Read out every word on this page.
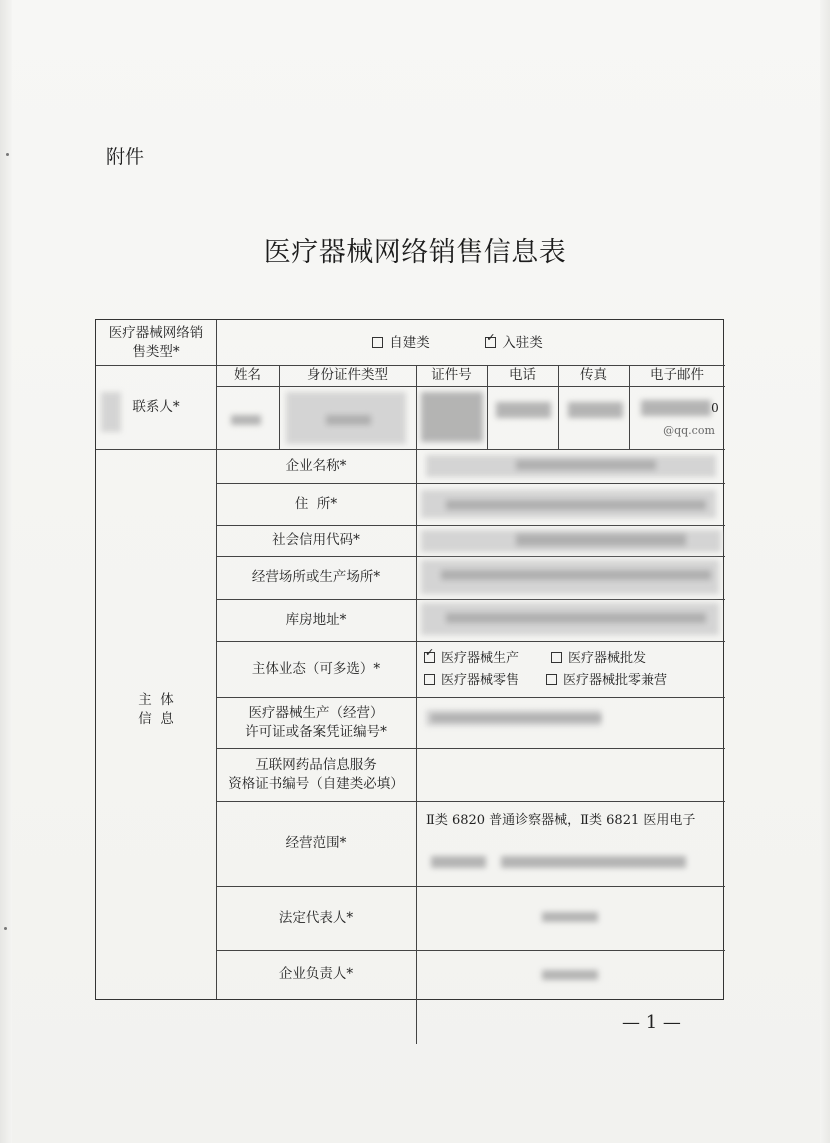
附件
医疗器械网络销售信息表
医疗器械网络销售类型*
自建类
✓	入驻类
联系人*
姓名	身份证件类型	证件号	电话	传真	电子邮件
0
@qq.com
主  体
信  息
企业名称*
住  所*
社会信用代码*
经营场所或生产场所*
库房地址*
主体业态（可多选）*
医疗器械生产（经营）
许可证或备案凭证编号*
互联网药品信息服务
资格证书编号（自建类必填）
经营范围*
法定代表人*
企业负责人*
✓
医疗器械生产	医疗器械批发
医疗器械零售	医疗器械批零兼营
Ⅱ类 6820 普通诊察器械，Ⅱ类 6821 医用电子
— 1 —
